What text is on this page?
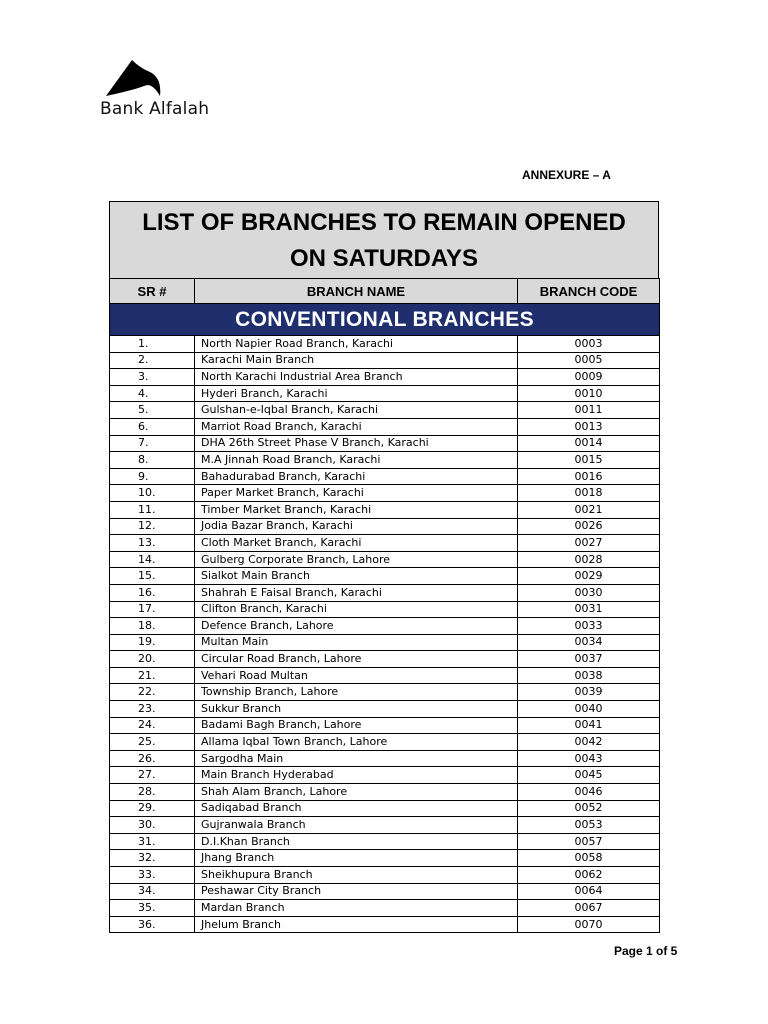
Bank Alfalah
ANNEXURE – A
LIST OF BRANCHES TO REMAIN OPENED
ON SATURDAYS
SR #	BRANCH NAME	BRANCH CODE
CONVENTIONAL BRANCHES		
1.	North Napier Road Branch, Karachi	0003
2.	Karachi Main Branch	0005
3.	North Karachi Industrial Area Branch	0009
4.	Hyderi Branch, Karachi	0010
5.	Gulshan-e-Iqbal Branch, Karachi	0011
6.	Marriot Road Branch, Karachi	0013
7.	DHA 26th Street Phase V Branch, Karachi	0014
8.	M.A Jinnah Road Branch, Karachi	0015
9.	Bahadurabad Branch, Karachi	0016
10.	Paper Market Branch, Karachi	0018
11.	Timber Market Branch, Karachi	0021
12.	Jodia Bazar Branch, Karachi	0026
13.	Cloth Market Branch, Karachi	0027
14.	Gulberg Corporate Branch, Lahore	0028
15.	Sialkot Main Branch	0029
16.	Shahrah E Faisal Branch, Karachi	0030
17.	Clifton Branch, Karachi	0031
18.	Defence Branch, Lahore	0033
19.	Multan Main	0034
20.	Circular Road Branch, Lahore	0037
21.	Vehari Road Multan	0038
22.	Township Branch, Lahore	0039
23.	Sukkur Branch	0040
24.	Badami Bagh Branch, Lahore	0041
25.	Allama Iqbal Town Branch, Lahore	0042
26.	Sargodha Main	0043
27.	Main Branch Hyderabad	0045
28.	Shah Alam Branch, Lahore	0046
29.	Sadiqabad Branch	0052
30.	Gujranwala Branch	0053
31.	D.I.Khan Branch	0057
32.	Jhang Branch	0058
33.	Sheikhupura Branch	0062
34.	Peshawar City Branch	0064
35.	Mardan Branch	0067
36.	Jhelum Branch	0070
Page 1 of 5
